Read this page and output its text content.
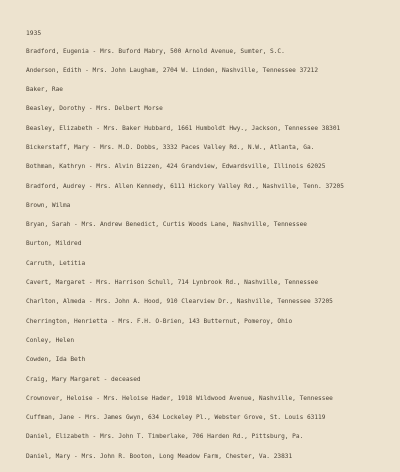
1935
Bradford, Eugenia - Mrs. Buford Mabry, 500 Arnold Avenue, Sumter, S.C.
Anderson, Edith - Mrs. John Laugham, 2704 W. Linden, Nashville, Tennessee 37212
Baker, Rae
Beasley, Dorothy - Mrs. Delbert Morse
Beasley, Elizabeth - Mrs. Baker Hubbard, 1661 Humboldt Hwy., Jackson, Tennessee 38301
Bickerstaff, Mary - Mrs. M.D. Dobbs, 3332 Paces Valley Rd., N.W., Atlanta, Ga.
Bothman, Kathryn - Mrs. Alvin Bizzen, 424 Grandview, Edwardsville, Illinois 62025
Bradford, Audrey - Mrs. Allen Kennedy, 6111 Hickory Valley Rd., Nashville, Tenn. 37205
Brown, Wilma
Bryan, Sarah - Mrs. Andrew Benedict, Curtis Woods Lane, Nashville, Tennessee
Burton, Mildred
Carruth, Letitia
Cavert, Margaret - Mrs. Harrison Schull, 714 Lynbrook Rd., Nashville, Tennessee
Charlton, Almeda - Mrs. John A. Hood, 910 Clearview Dr., Nashville, Tennessee 37205
Cherrington, Henrietta - Mrs. F.H. O-Brien, 143 Butternut, Pomeroy, Ohio
Conley, Helen
Cowden, Ida Beth
Craig, Mary Margaret - deceased
Crownover, Heloise - Mrs. Heloise Hader, 1918 Wildwood Avenue, Nashville, Tennessee
Cuffman, Jane - Mrs. James Gwyn, 634 Lockeley Pl., Webster Grove, St. Louis 63119
Daniel, Elizabeth - Mrs. John T. Timberlake, 706 Harden Rd., Pittsburg, Pa.
Daniel, Mary - Mrs. John R. Booton, Long Meadow Farm, Chester, Va. 23831
